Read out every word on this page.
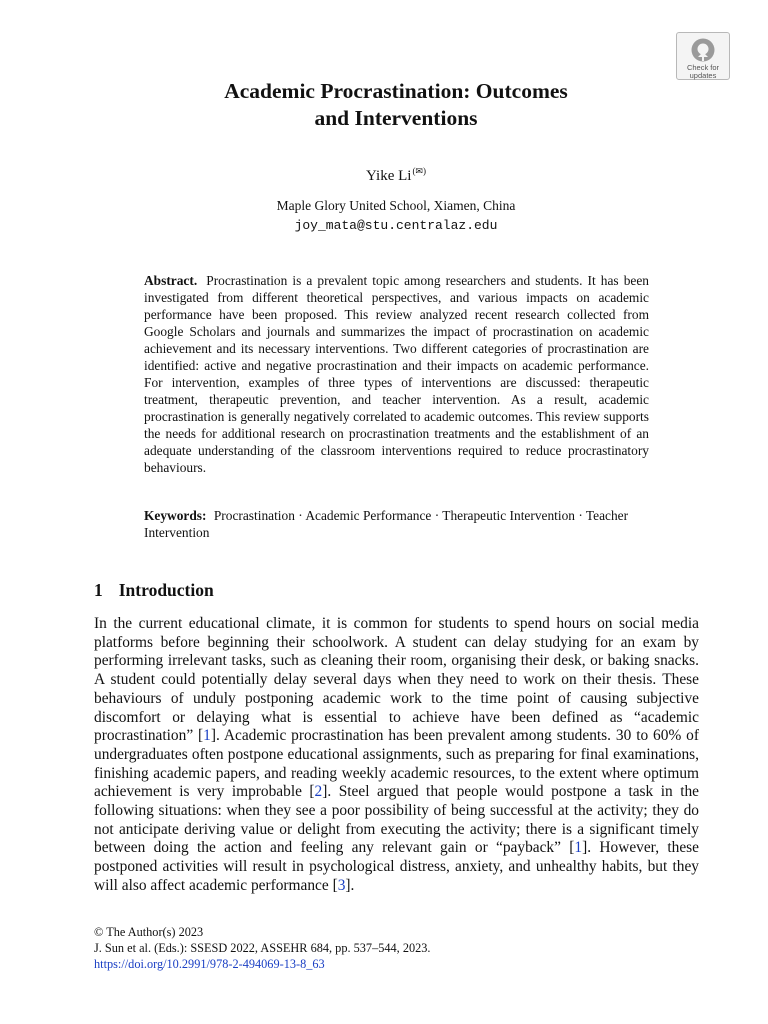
Check for updates
Academic Procrastination: Outcomes
and Interventions
Yike Li(✉)
Maple Glory United School, Xiamen, China
joy_mata@stu.centralaz.edu
Abstract. Procrastination is a prevalent topic among researchers and students. It has been investigated from different theoretical perspectives, and various impacts on academic performance have been proposed. This review analyzed recent research collected from Google Scholars and journals and summarizes the impact of procrastination on academic achievement and its necessary interventions. Two different categories of procrastination are identified: active and negative procrastination and their impacts on academic performance. For intervention, examples of three types of interventions are discussed: therapeutic treatment, therapeutic prevention, and teacher intervention. As a result, academic procrastination is generally negatively correlated to academic outcomes. This review supports the needs for additional research on procrastination treatments and the establishment of an adequate understanding of the classroom interventions required to reduce procrastinatory behaviours.
Keywords: Procrastination · Academic Performance · Therapeutic Intervention · Teacher Intervention
1 Introduction
In the current educational climate, it is common for students to spend hours on social media platforms before beginning their schoolwork. A student can delay studying for an exam by performing irrelevant tasks, such as cleaning their room, organising their desk, or baking snacks. A student could potentially delay several days when they need to work on their thesis. These behaviours of unduly postponing academic work to the time point of causing subjective discomfort or delaying what is essential to achieve have been defined as “academic procrastination” [1]. Academic procrastination has been prevalent among students. 30 to 60% of undergraduates often postpone educational assignments, such as preparing for final examinations, finishing academic papers, and reading weekly academic resources, to the extent where optimum achievement is very improbable [2]. Steel argued that people would postpone a task in the following situations: when they see a poor possibility of being successful at the activity; they do not anticipate deriving value or delight from executing the activity; there is a significant timely between doing the action and feeling any relevant gain or “payback” [1]. However, these postponed activities will result in psychological distress, anxiety, and unhealthy habits, but they will also affect academic performance [3].
© The Author(s) 2023
J. Sun et al. (Eds.): SSESD 2022, ASSEHR 684, pp. 537–544, 2023.
https://doi.org/10.2991/978-2-494069-13-8_63
